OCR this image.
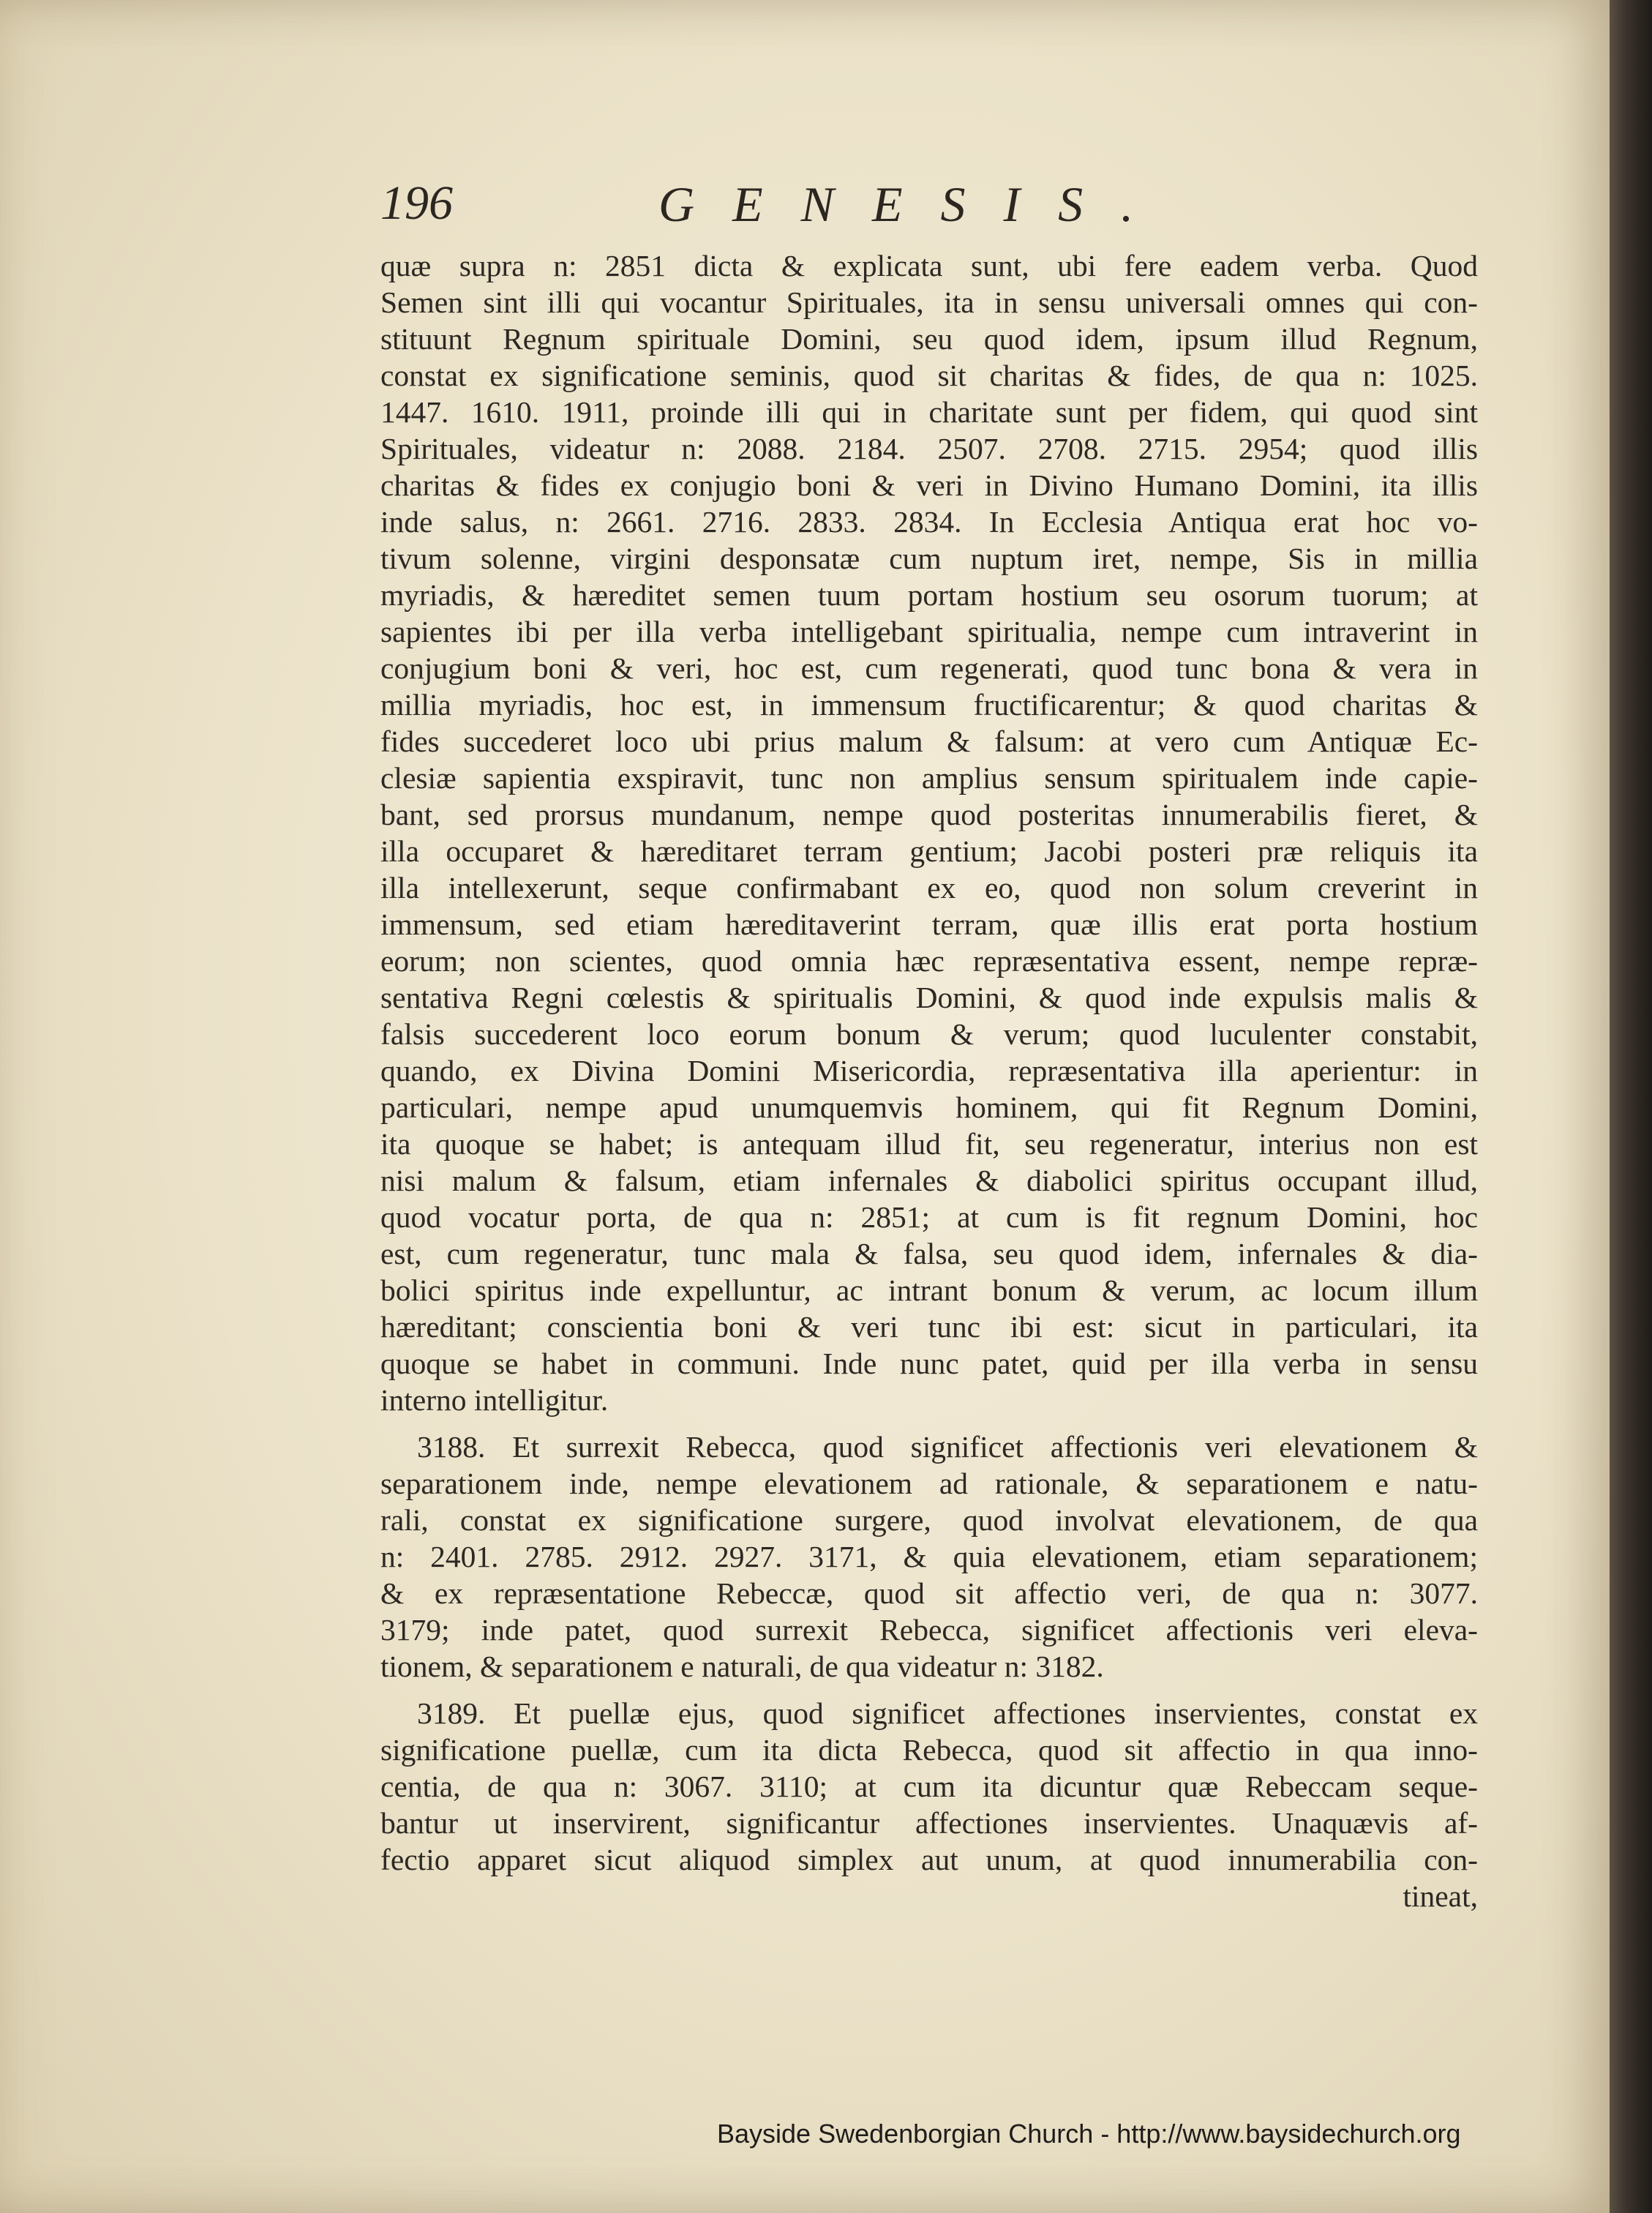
196	GENESIS.
quæ supra n: 2851 dicta & explicata sunt, ubi fere eadem verba. Quod
Semen sint illi qui vocantur Spirituales, ita in sensu universali omnes qui con-
stituunt Regnum spirituale Domini, seu quod idem, ipsum illud Regnum,
constat ex significatione seminis, quod sit charitas & fides, de qua n: 1025.
1447. 1610. 1911, proinde illi qui in charitate sunt per fidem, qui quod sint
Spirituales, videatur n: 2088. 2184. 2507. 2708. 2715. 2954; quod illis
charitas & fides ex conjugio boni & veri in Divino Humano Domini, ita illis
inde salus, n: 2661. 2716. 2833. 2834. In Ecclesia Antiqua erat hoc vo-
tivum solenne, virgini desponsatæ cum nuptum iret, nempe, Sis in millia
myriadis, & hæreditet semen tuum portam hostium seu osorum tuorum; at
sapientes ibi per illa verba intelligebant spiritualia, nempe cum intraverint in
conjugium boni & veri, hoc est, cum regenerati, quod tunc bona & vera in
millia myriadis, hoc est, in immensum fructificarentur; & quod charitas &
fides succederet loco ubi prius malum & falsum: at vero cum Antiquæ Ec-
clesiæ sapientia exspiravit, tunc non amplius sensum spiritualem inde capie-
bant, sed prorsus mundanum, nempe quod posteritas innumerabilis fieret, &
illa occuparet & hæreditaret terram gentium; Jacobi posteri præ reliquis ita
illa intellexerunt, seque confirmabant ex eo, quod non solum creverint in
immensum, sed etiam hæreditaverint terram, quæ illis erat porta hostium
eorum; non scientes, quod omnia hæc repræsentativa essent, nempe repræ-
sentativa Regni cœlestis & spiritualis Domini, & quod inde expulsis malis &
falsis succederent loco eorum bonum & verum; quod luculenter constabit,
quando, ex Divina Domini Misericordia, repræsentativa illa aperientur: in
particulari, nempe apud unumquemvis hominem, qui fit Regnum Domini,
ita quoque se habet; is antequam illud fit, seu regeneratur, interius non est
nisi malum & falsum, etiam infernales & diabolici spiritus occupant illud,
quod vocatur porta, de qua n: 2851; at cum is fit regnum Domini, hoc
est, cum regeneratur, tunc mala & falsa, seu quod idem, infernales & dia-
bolici spiritus inde expelluntur, ac intrant bonum & verum, ac locum illum
hæreditant; conscientia boni & veri tunc ibi est: sicut in particulari, ita
quoque se habet in communi. Inde nunc patet, quid per illa verba in sensu
interno intelligitur.
3188. Et surrexit Rebecca, quod significet affectionis veri elevationem &
separationem inde, nempe elevationem ad rationale, & separationem e natu-
rali, constat ex significatione surgere, quod involvat elevationem, de qua
n: 2401. 2785. 2912. 2927. 3171, & quia elevationem, etiam separationem;
& ex repræsentatione Rebeccæ, quod sit affectio veri, de qua n: 3077.
3179; inde patet, quod surrexit Rebecca, significet affectionis veri eleva-
tionem, & separationem e naturali, de qua videatur n: 3182.
3189. Et puellæ ejus, quod significet affectiones inservientes, constat ex
significatione puellæ, cum ita dicta Rebecca, quod sit affectio in qua inno-
centia, de qua n: 3067. 3110; at cum ita dicuntur quæ Rebeccam seque-
bantur ut inservirent, significantur affectiones inservientes. Unaquævis af-
fectio apparet sicut aliquod simplex aut unum, at quod innumerabilia con-
tineat,
Bayside Swedenborgian Church - http://www.baysidechurch.org
